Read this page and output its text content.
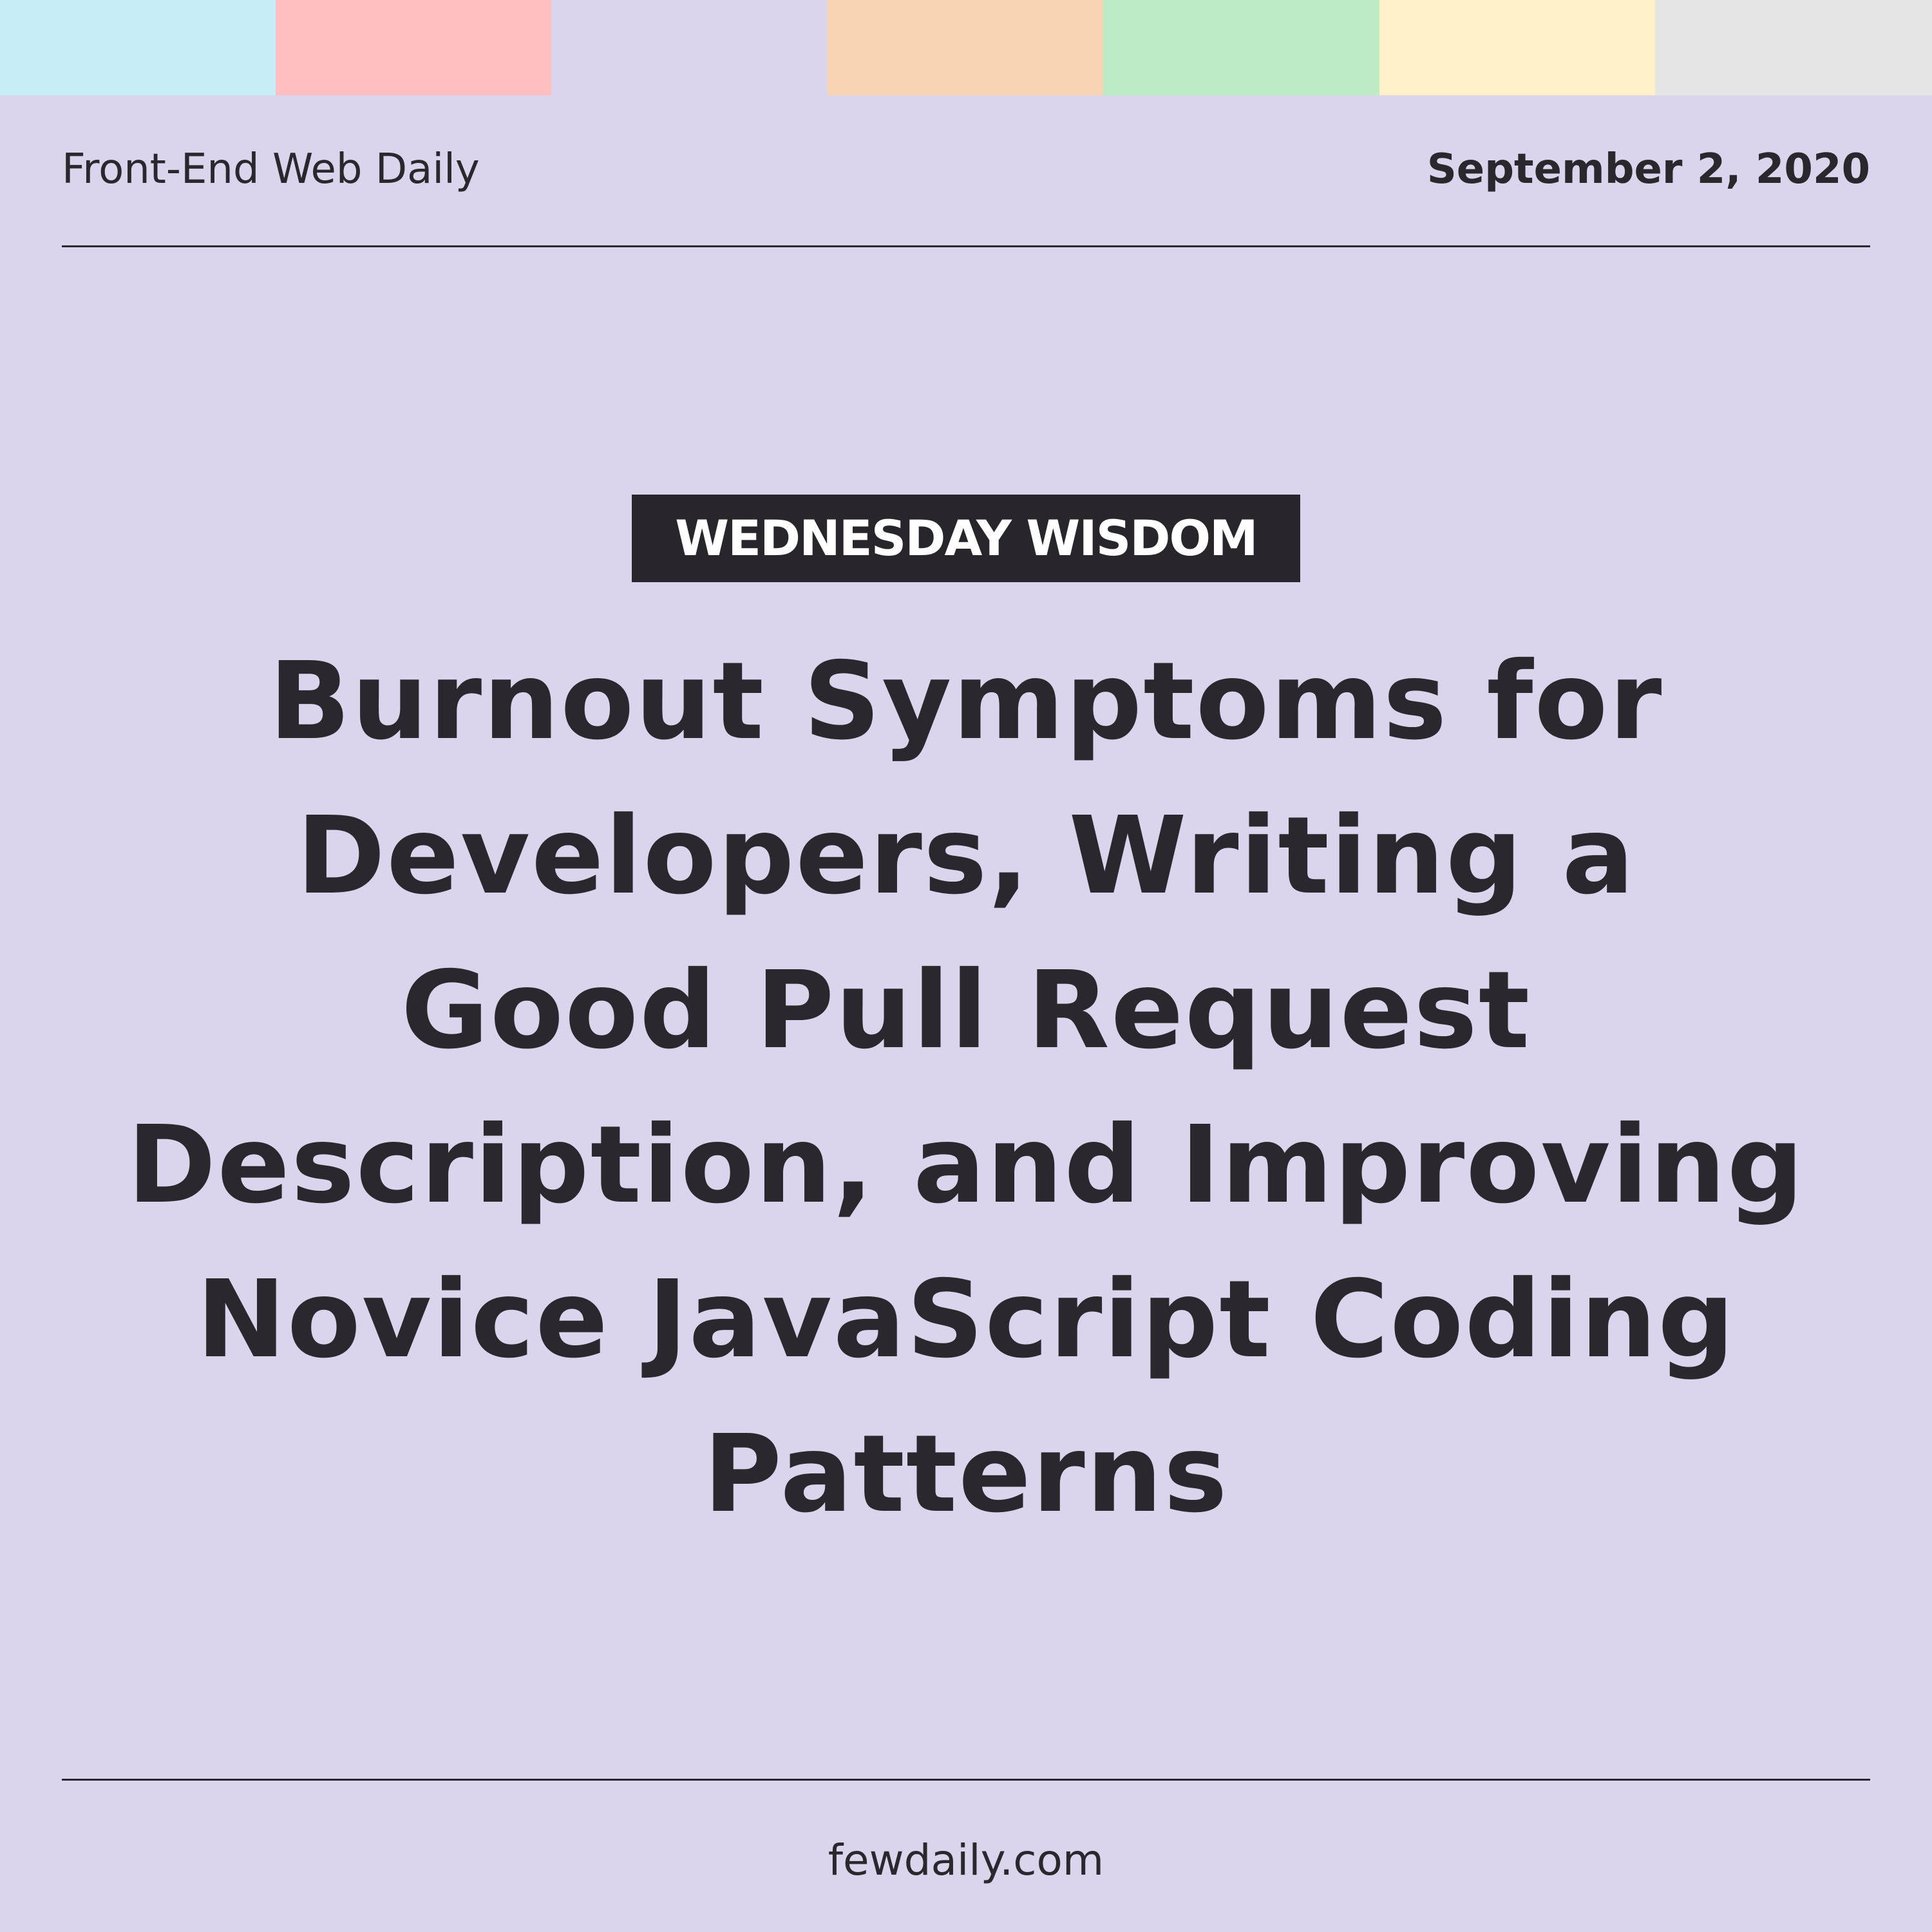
Front-End Web Daily	September 2, 2020
WEDNESDAY WISDOM
Burnout Symptoms for
Developers, Writing a
Good Pull Request
Description, and Improving
Novice JavaScript Coding
Patterns
fewdaily.com
